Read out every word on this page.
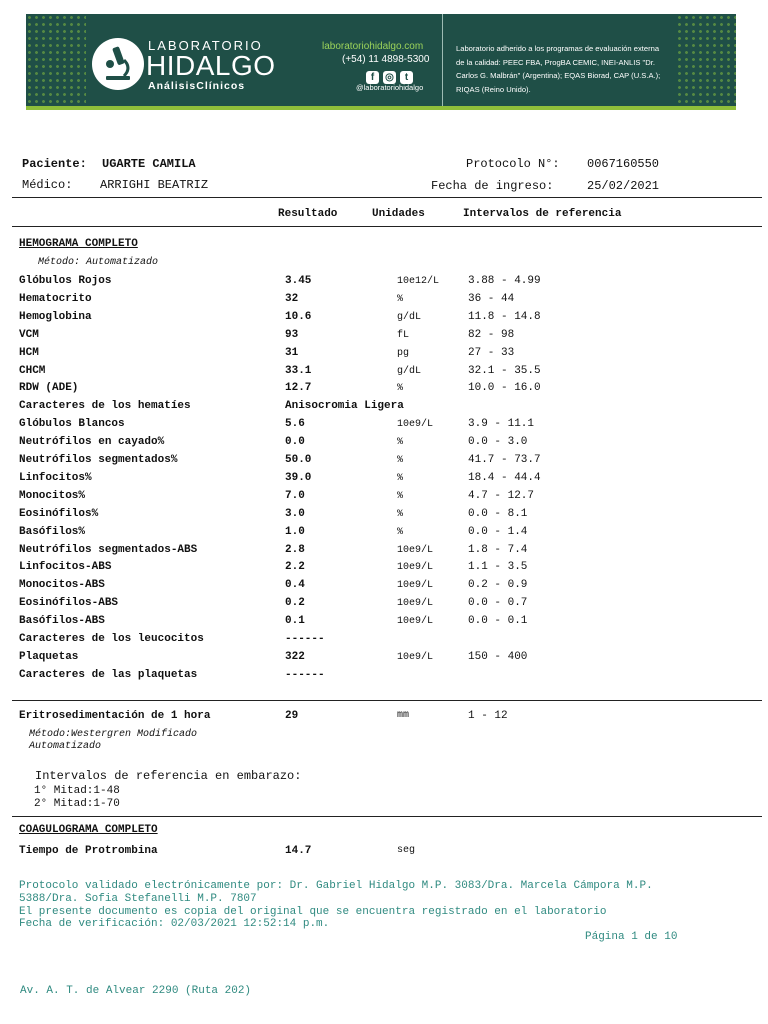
LABORATORIO
HIDALGO
AnálisisClínicos
laboratoriohidalgo.com
(+54) 11 4898-5300
f ◎ t
@laboratoriohidalgo
Laboratorio adherido a los programas de evaluación externa de la calidad: PEEC FBA, ProgBA CEMIC, INEI-ANLIS "Dr. Carlos G. Malbrán" (Argentina); EQAS Biorad, CAP (U.S.A.); RIQAS (Reino Unido).
Paciente: UGARTE CAMILA	Protocolo N°: 0067160550
Médico: ARRIGHI BEATRIZ	Fecha de ingreso:	25/02/2021
Resultado	Unidades	Intervalos de referencia
HEMOGRAMA COMPLETO
Método: Automatizado
Glóbulos Rojos	3.45	10e12/L	3.88 - 4.99
Hematocrito	32	%	36 - 44
Hemoglobina	10.6	g/dL	11.8 - 14.8
VCM	93	fL	82 - 98
HCM	31	pg	27 - 33
CHCM	33.1	g/dL	32.1 - 35.5
RDW (ADE)	12.7	%	10.0 - 16.0
Caracteres de los hematíes	Anisocromia Ligera
Glóbulos Blancos	5.6	10e9/L	3.9 - 11.1
Neutrófilos en cayado%	0.0	%	0.0 - 3.0
Neutrófilos segmentados%	50.0	%	41.7 - 73.7
Linfocitos%	39.0	%	18.4 - 44.4
Monocitos%	7.0	%	4.7 - 12.7
Eosinófilos%	3.0	%	0.0 - 8.1
Basófilos%	1.0	%	0.0 - 1.4
Neutrófilos segmentados-ABS	2.8	10e9/L	1.8 - 7.4
Linfocitos-ABS	2.2	10e9/L	1.1 - 3.5
Monocitos-ABS	0.4	10e9/L	0.2 - 0.9
Eosinófilos-ABS	0.2	10e9/L	0.0 - 0.7
Basófilos-ABS	0.1	10e9/L	0.0 - 0.1
Caracteres de los leucocitos	------
Plaquetas	322	10e9/L	150 - 400
Caracteres de las plaquetas	------
Eritrosedimentación de 1 hora	29	mm	1 - 12
Método:Westergren Modificado
Automatizado
Intervalos de referencia en embarazo:
1° Mitad:1-48
2° Mitad:1-70
COAGULOGRAMA COMPLETO
Tiempo de Protrombina	14.7	seg
Protocolo validado electrónicamente por: Dr. Gabriel Hidalgo M.P. 3083/Dra. Marcela Cámpora M.P.
5388/Dra. Sofia Stefanelli M.P. 7807
El presente documento es copia del original que se encuentra registrado en el laboratorio
Fecha de verificación: 02/03/2021 12:52:14 p.m.
Página 1 de 10
Av. A. T. de Alvear 2290 (Ruta 202)
